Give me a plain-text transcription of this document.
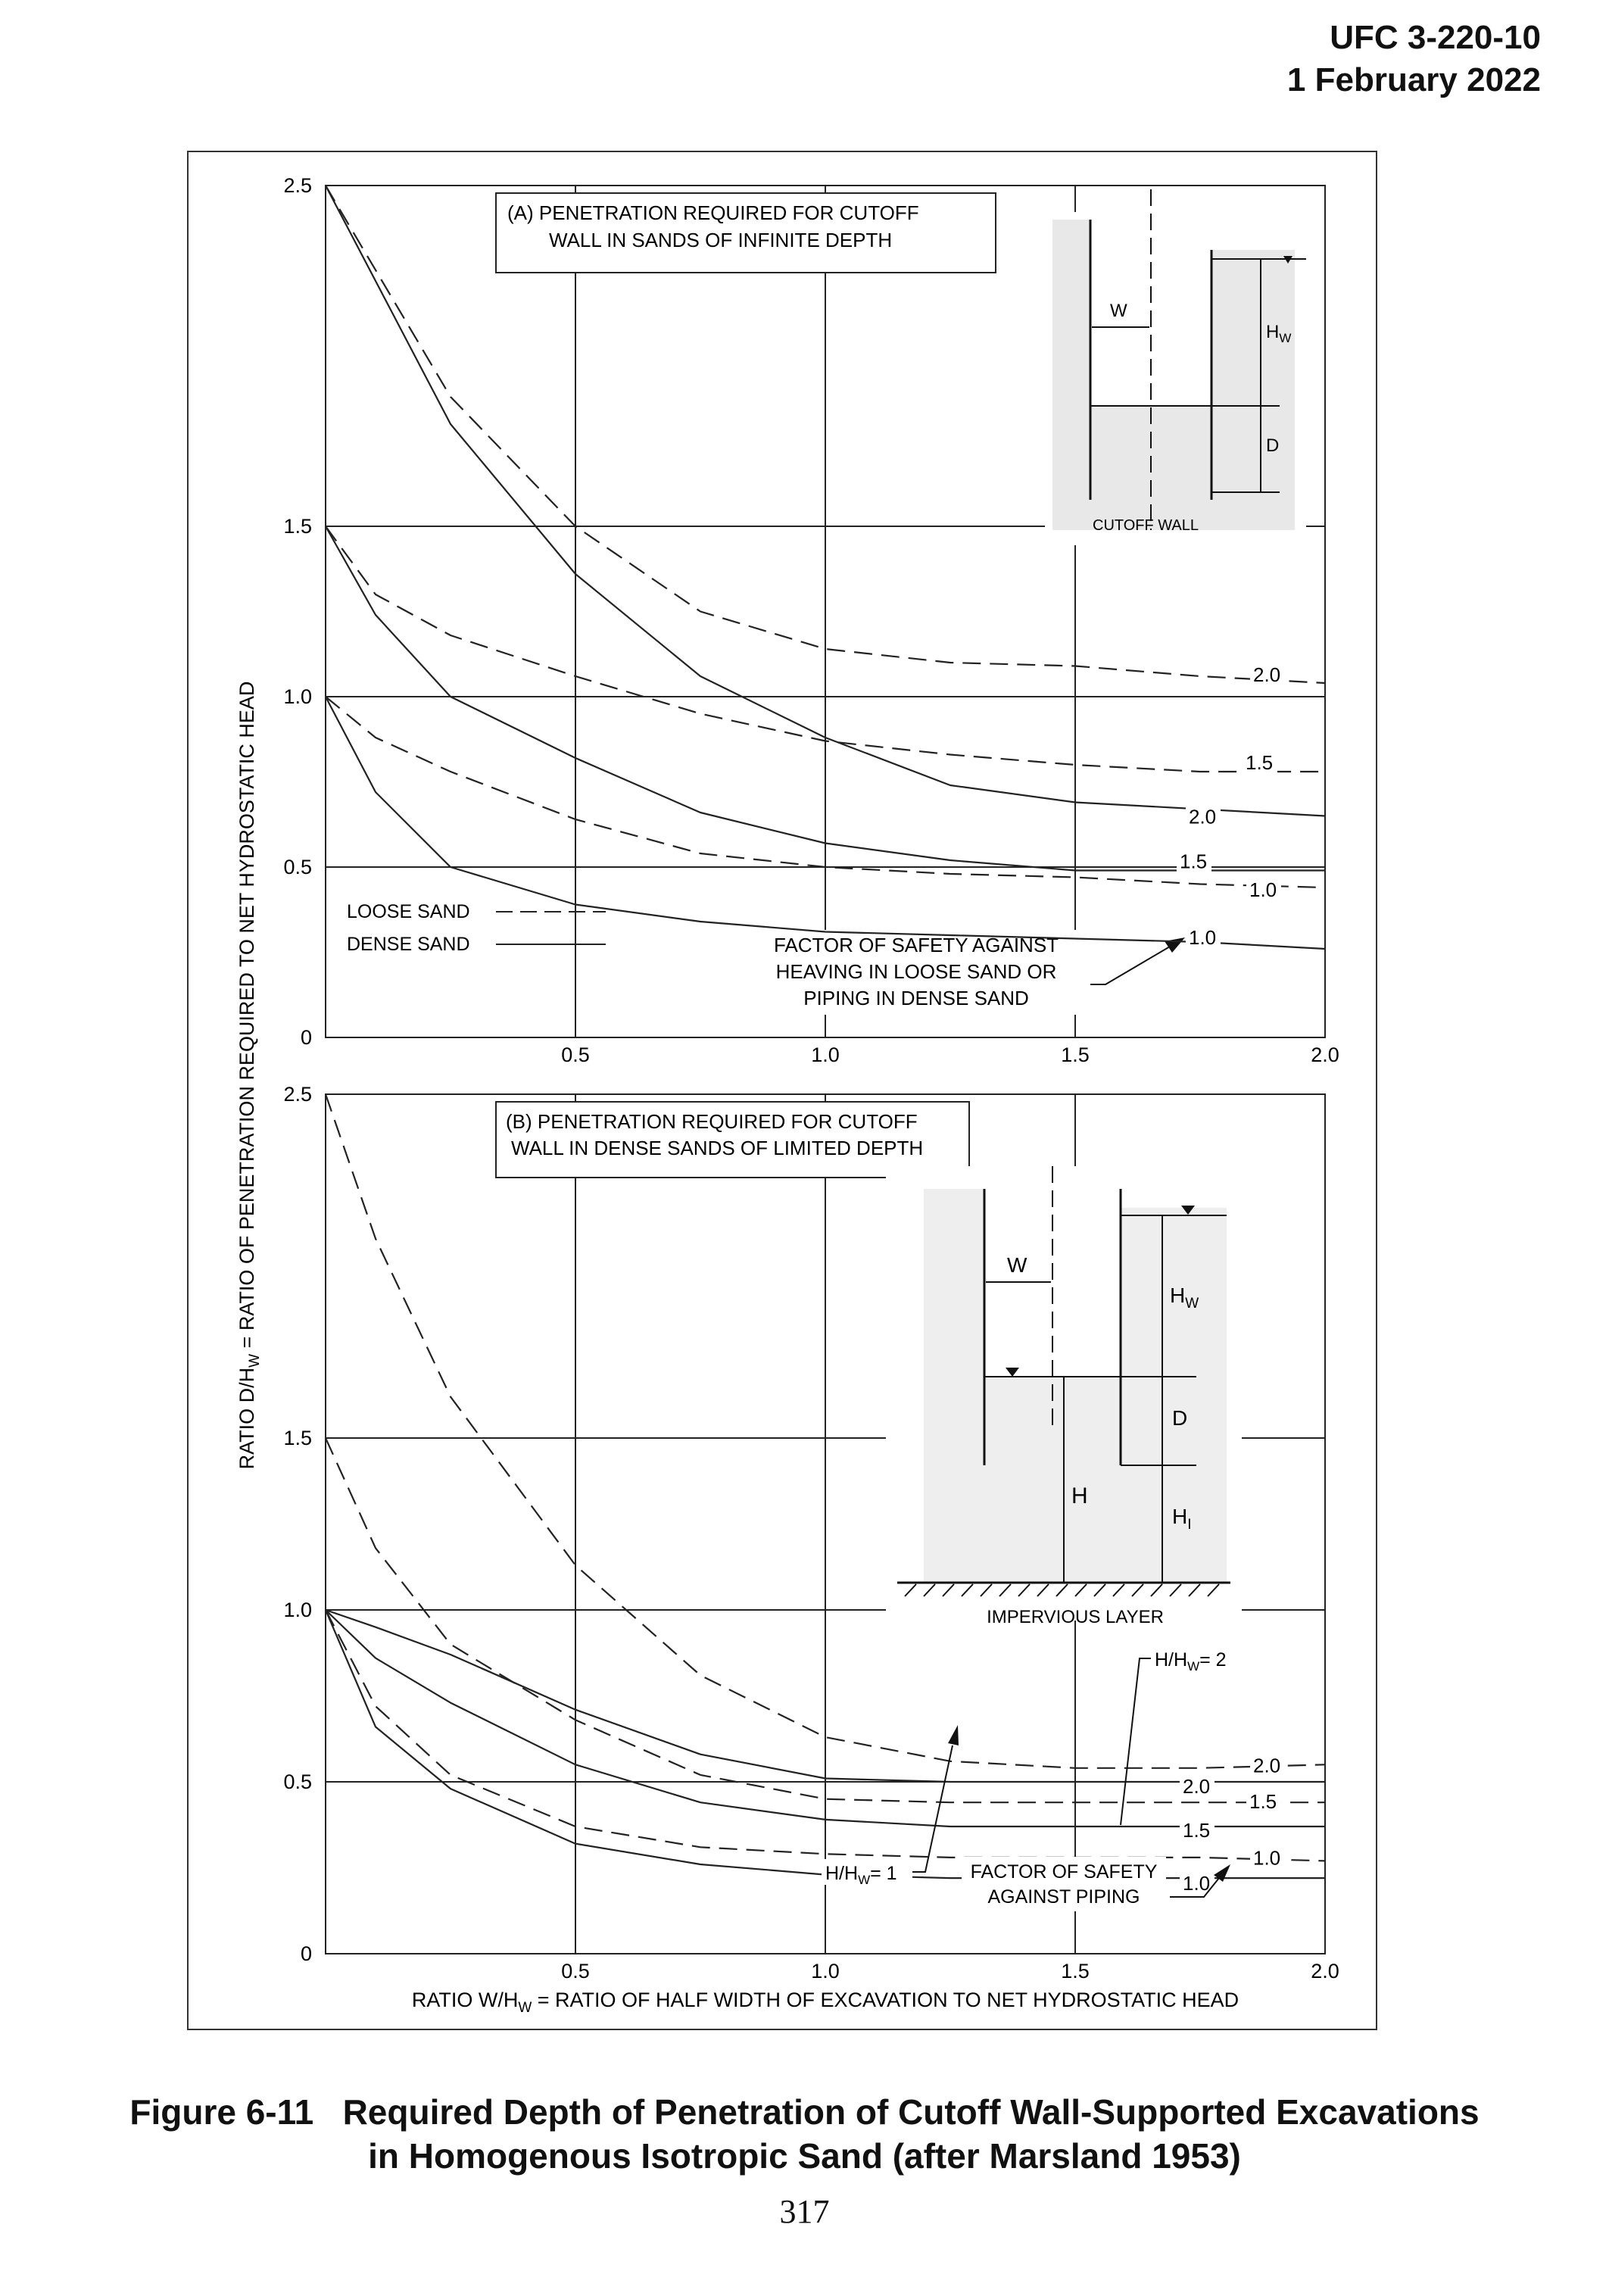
UFC 3-220-10
1 February 2022
0.5	1.0	1.5	2.0
0
0.5
1.0
1.5
2.5
(A) PENETRATION REQUIRED FOR CUTOFF
WALL IN SANDS OF INFINITE DEPTH
W
$H_W$
D
CUTOFF WALL
LOOSE SAND
DENSE SAND	FACTOR OF SAFETY AGAINST
HEAVING IN LOOSE SAND OR
PIPING IN DENSE SAND
2.0
1.5
1.0
2.0
1.5
1.0
0.5	1.0	1.5	2.0
0
0.5
1.0
1.5
2.5
(B) PENETRATION REQUIRED FOR CUTOFF
WALL IN DENSE SANDS OF LIMITED DEPTH
W
$H_W$
D
H
$H_I$
IMPERVIOUS LAYER
2.0
1.5
1.0
2.0
1.5
1.0
$H/H_W= 1$
$H/H_W= 2$
FACTOR OF SAFETY
AGAINST PIPING
RATIO $D/H_W$ = RATIO OF PENETRATION REQUIRED TO NET HYDROSTATIC HEAD
RATIO $W/H_W$ = RATIO OF HALF WIDTH OF EXCAVATION TO NET HYDROSTATIC HEAD
Figure 6-11   Required Depth of Penetration of Cutoff Wall-Supported Excavations
in Homogenous Isotropic Sand (after Marsland 1953)
317
